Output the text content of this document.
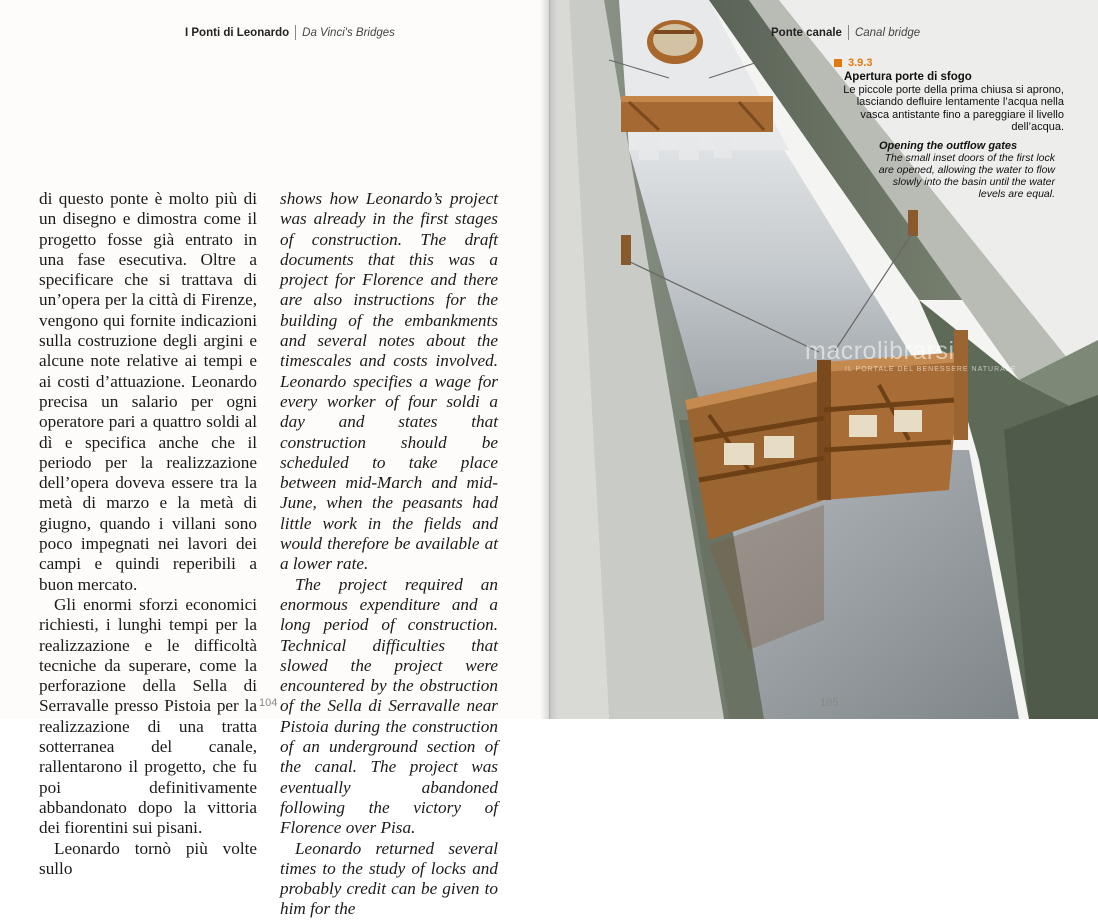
I Ponti di Leonardo	Da Vinci's Bridges

di questo ponte è molto più di un disegno e dimostra come il progetto fosse già entrato in una fase esecutiva. Oltre a specificare che si trattava di un’opera per la città di Firenze, vengono qui fornite indicazioni sulla costruzione degli argini e alcune note relative ai tempi e ai costi d’attuazione. Leonardo precisa un salario per ogni operatore pari a quattro soldi al dì e specifica anche che il periodo per la realizzazione dell’opera doveva essere tra la metà di marzo e la metà di giugno, quando i villani sono poco impegnati nei lavori dei campi e quindi reperibili a buon mercato.

Gli enormi sforzi economici richiesti, i lunghi tempi per la realizzazione e le difficoltà tecniche da superare, come la perforazione della Sella di Serravalle presso Pistoia per la realizzazione di una tratta sotterranea del canale, rallentarono il progetto, che fu poi definitivamente abbandonato dopo la vittoria dei fiorentini sui pisani.

Leonardo tornò più volte sullo

shows how Leonardo’s project was already in the first stages of construction. The draft documents that this was a project for Florence and there are also instructions for the building of the embankments and several notes about the timescales and costs involved. Leonardo specifies a wage for every worker of four soldi a day and states that construction should be scheduled to take place between mid-March and mid-June, when the peasants had little work in the fields and would therefore be available at a lower rate.

The project required an enormous expenditure and a long period of construction. Technical difficulties that slowed the project were encountered by the obstruction of the Sella di Serravalle near Pistoia during the construction of an underground section of the canal. The project was eventually abandoned following the victory of Florence over Pisa.

Leonardo returned several times to the study of locks and probably credit can be given to him for the

104
Ponte canale	Canal bridge
3.9.3
Apertura porte di sfogo
Le piccole porte della prima chiusa si aprono, lasciando defluire lentamente l’acqua nella vasca antistante fino a pareggiare il livello dell’acqua.
Opening the outflow gates
The small inset doors of the first lock are opened, allowing the water to flow slowly into the basin until the water levels are equal.
macrolibrarsi
IL PORTALE DEL BENESSERE NATURALE
105
